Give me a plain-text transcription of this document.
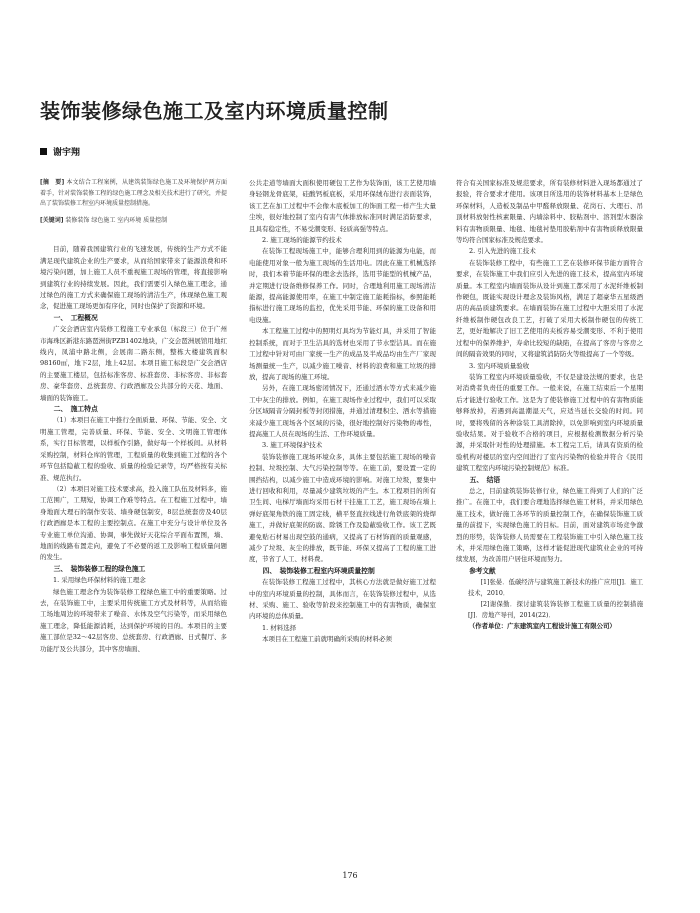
装饰装修绿色施工及室内环境质量控制
谢宇翔

[摘　要] 本文结合工程案例，从建筑装饰绿色施工及环境保护两方面着手，针对装饰装修工程的绿色施工理念及相关技术进行了研究，并提出了装饰装修工程室内环境质量控制措施。

[关键词] 装修装饰 绿色施工 室内环境 质量控制

目前，随着我国建筑行业的飞速发展，传统的生产方式不能满足现代建筑企业的生产要求，从而给国家带来了能源浪费和环境污染问题，加上施工人员不重视施工现场的管理，将直接影响到建筑行业的持续发展。因此，我们需要引入绿色施工理念，通过绿色的施工方式来确保施工现场的清洁生产，体现绿色施工观念，促进施工现场更加有序化，同时也保护了资源和环境。

一、　工程概况

广交会酒店室内装修工程施工专业承包（标段三）位于广州市海珠区新港东路琶洲街PZB1402地块，广交会琶洲展馆用地红线内，凤浦中路北侧，会展南二路东侧，整栋大楼建筑面积98160㎡，地下2层，地上42层。本项目施工标段是广交会酒店的主要施工楼层，包括标准客房、标准套房、非标客房、非标套房、豪华套房、总统套房、行政酒廊及公共部分的天花、地面、墙面的装饰施工。

二、　施工特点

（1）本项目在施工中推行全面质量、环保、节能、安全、文明施工管理，完善质量、环保、节能、安全、文明施工管理体系，实行目标管理，以样板作引路，做好每一个样板间。从材料采购控制，材料仓库的管理，工程质量的收集到施工过程的各个环节包括隐蔽工程的验收、质量的检验记录等，均严格按有关标准、规范执行。

（2）本项目对施工技术要求高，投入施工队伍及材料多，施工范围广，工期短，协调工作难等特点。在工程施工过程中，墙身地面大理石的制作安装、墙身硬包制安，8层总统套房及40层行政酒廊是本工程的主要控制点。在施工中充分与设计单位及各专业施工单位沟通、协调，事先做好天花综合平面布置图，墙、地面的线路布置走向，避免了不必要的返工及影响工程质量问题的发生。

三、　装饰装修工程的绿色施工

1. 采用绿色环保材料的施工理念

绿色施工理念作为装饰装修工程绿色施工中的重要策略。过去，在装饰施工中，主要采用传统施工方式及材料等，从而给施工场地周边的环境带来了噪音、水体及空气污染等，而采用绿色施工理念，降低能源消耗，达到保护环境的目的。本项目的主要施工部位是32～42层客房、总统套房、行政酒廊、日式餐厅、多功能厅及公共部分，其中客房墙面、

公共走道等墙面大面积使用硬包工艺作为装饰面，该工艺使用墙身轻钢龙骨底架，硅酸钙板底板，采用环保绒布进行表面装饰，该工艺在加工过程中不会像木底板加工的饰面工程一样产生大量尘埃，很好地控制了室内有害气体排放标准同时满足消防要求，且具有稳定性，不易受潮变形、轻质高强等特点。

2. 施工现场的能源节约技术

在装饰工程现场施工中，能够合理利用到的能源为电能，而电能使用对象一般为施工现场的生活用电。因此在施工机械选择时，我们本着节能环保的理念去选择，选用节能型的机械产品，并定期进行设备维修保养工作。同时，合理地利用施工现场清洁能源，提高能源使用率，在施工中制定施工能耗指标，参照能耗指标进行施工现场的监控，优先采用节能、环保的施工设备和用电设施。

本工程施工过程中的照明灯具均为节能灯具，并采用了智能控制系统，而对于卫生洁具的选材也采用了节水型洁具。而在施工过程中针对可由厂家统一生产的成品及半成品均由生产厂家现场测量统一生产，以减少施工噪音、材料的浪费和施工垃圾的排放，提高了现场的施工环境。

另外，在施工现场密闭情况下，还通过洒水等方式来减少施工中灰尘的排放。例如，在施工现场作业过程中，我们可以采取分区域隔音分隔封板等封闭措施，并通过清理积尘、洒水等措施来减少施工现场各个区域的污染，很好地控制好污染物的毒性，提高施工人员在现场的生活、工作环境质量。

3. 施工环境保护技术

装饰装修施工现场环境众多，具体主要包括施工现场的噪音控制、垃圾控制、大气污染控制等等。在施工前，要设置一定的围挡结构，以减少施工中造成环境的影响。对施工垃圾，要集中进行回收和利用，尽量减少建筑垃圾的产生。本工程项目的所有卫生间、电梯厅墙面均采用石材干挂施工工艺，施工现场在墙上弹好底架角铁的施工固定线，横平竖直拉线进行角铁底架的烧焊施工，并做好底架的防腐、除锈工作及隐蔽验收工作。该工艺既避免贴石材易出现空鼓的通病，又提高了石材饰面的质量观感，减少了垃圾、灰尘的排放，既节能、环保又提高了工程的施工进度，节省了人工、材料费。

四、　装饰装修工程室内环境质量控制

在装饰装修工程施工过程中，其核心方法就是做好施工过程中的室内环境质量的控制，具体而言，在装饰装修过程中，从选材、采购、施工、验收等阶段来控制施工中的有害物质，确保室内环境的总体质量。

1. 材料选择

本项目在工程施工前就明确所采购的材料必须

符合有关国家标准及规范要求，所有装修材料进入现场都通过了报验，符合要求才使用。该项目所选用的装饰材料基本上是绿色环保材料，人造板及制品中甲醛释放限量、花岗石、大理石、吊顶材料放射性核素限量、内墙涂料中、胶粘剂中、溶剂型木器涂料有害物质限量、地毯、地毯衬垫用胶粘剂中有害物质释放限量等均符合国家标准及规范要求。

2. 引入先进的施工技术

在装饰装修工程中，有些施工工艺在装修环保节能方面符合要求，在装饰施工中我们应引入先进的施工技术，提高室内环境质量。本工程室内墙面装饰从设计到施工都采用了水泥纤维板制作硬包，既能实现设计理念及装饰风格，满足了超豪华五星级酒店的高品质建筑要求。在墙面装饰在施工过程中大胆采用了水泥纤维板制作硬包改良工艺，打破了采用大板制作硬包的传统工艺，更好地解决了旧工艺使用的夹板容易受潮变形、不利于使用过程中的保养维护，寿命比较短的缺陷，在提高了客房与客房之间的隔音效果的同时，又将建筑消防防火等级提高了一个等级。

3. 室内环境质量验收

装饰工程室内环境质量验收，不仅是建设法规的要求，也是对消费者负责任的重要工作。一般来说，在施工结束后一个星期后才能进行验收工作。这是为了使装修施工过程中的有害物质能够释放掉，若遇到高温潮湿天气，应适当延长交验的时间。同时，要将残留的各种涂装工具清除掉，以免影响到室内环境质量验收结果。对于验收不合格的项目，应根据检测数据分析污染源，并采取针对性的处理措施。本工程完工后，请具有资质的检验机构对楼层的室内空间进行了室内污染物的检验并符合《民用建筑工程室内环境污染控制规范》标准。

五、　结语

总之，目前建筑装饰装修行业，绿色施工得到了人们的广泛推广。在施工中，我们要合理地选择绿色施工材料，并采用绿色施工技术，做好施工各环节的质量控制工作，在确保装饰施工质量的前提下，实现绿色施工的目标。目前，面对建筑市场竞争激烈的形势，装饰装修人员需要在工程装饰施工中引入绿色施工技术，并采用绿色施工策略，这样才能促进现代建筑业企业的可持续发展，为改善用户居住环境而努力。

参考文献

[1]张晏．低碳经济与建筑施工新技术的推广应用[J]．施工技术，2010．

[2]谢保勤．探讨建筑装饰装修工程施工质量的控制措施[J]．房地产导刊，2014(22)．

（作者单位：广东建筑室内工程设计施工有限公司）

176
